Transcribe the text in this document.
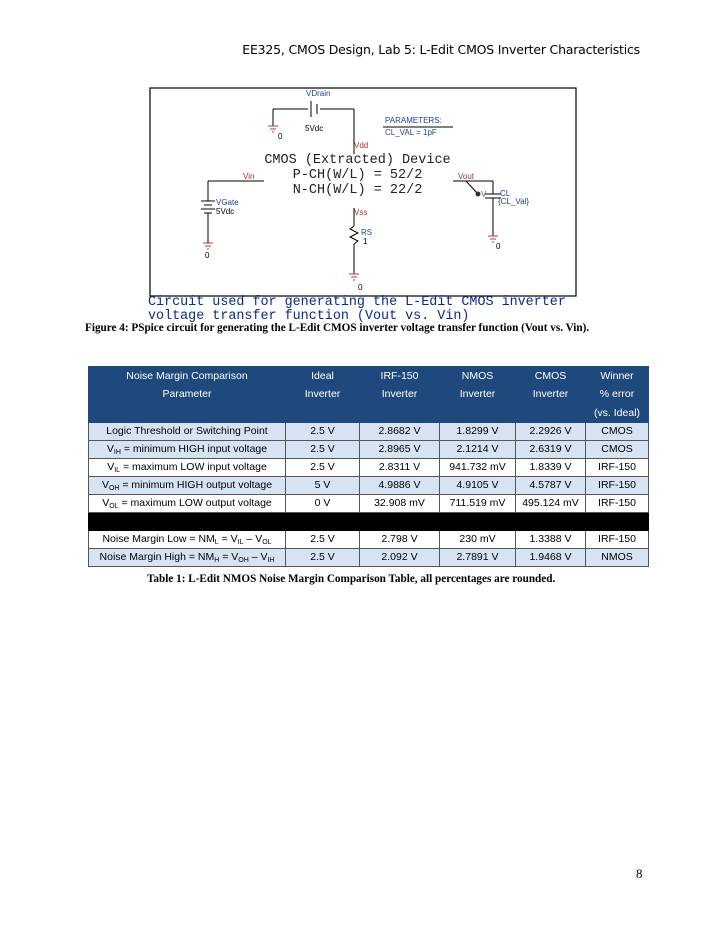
EE325, CMOS Design, Lab 5: L-Edit CMOS Inverter Characteristics
VDrain
5Vdc
0
PARAMETERS:
CL_VAL = 1pF
Vdd
CMOS (Extracted) Device
P-CH(W/L) = 52/2
N-CH(W/L) = 22/2
Vin	Vout
V
VGate
5Vdc	Vss
RS
1
CL
{CL_Val}
0
0
0
Circuit used for generating the L-Edit CMOS inverter
voltage transfer function (Vout vs. Vin)
Figure 4: PSpice circuit for generating the L-Edit CMOS inverter voltage transfer function (Vout vs. Vin).
Noise Margin Comparison	Ideal	IRF-150	NMOS	CMOS	Winner
Parameter	Inverter	Inverter	Inverter	Inverter	% error
					(vs. Ideal)
Logic Threshold or Switching Point	2.5 V	2.8682 V	1.8299 V	2.2926 V	CMOS
VIH = minimum HIGH input voltage	2.5 V	2.8965 V	2.1214 V	2.6319 V	CMOS
VIL = maximum LOW input voltage	2.5 V	2.8311 V	941.732 mV	1.8339 V	IRF-150
VOH = minimum HIGH output voltage	5 V	4.9886 V	4.9105 V	4.5787 V	IRF-150
VOL = maximum LOW output voltage	0 V	32.908 mV	711.519 mV	495.124 mV	IRF-150

Noise Margin Low = NML = VIL – VOL	2.5 V	2.798 V	230 mV	1.3388 V	IRF-150
Noise Margin High = NMH = VOH – VIH	2.5 V	2.092 V	2.7891 V	1.9468 V	NMOS
Table 1: L-Edit NMOS Noise Margin Comparison Table, all percentages are rounded.
8
